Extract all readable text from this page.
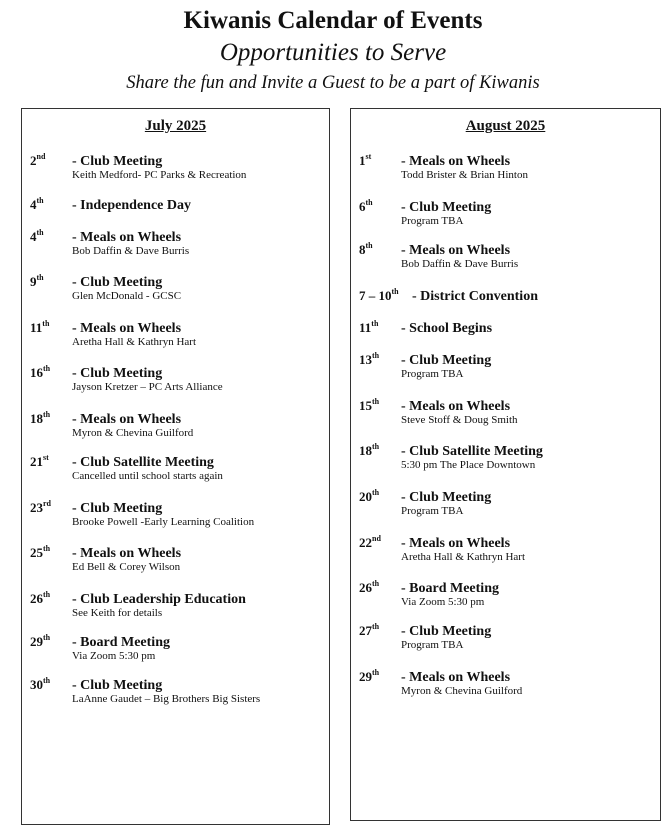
Kiwanis Calendar of Events
Opportunities to Serve
Share the fun and Invite a Guest to be a part of Kiwanis
July 2025
2nd - Club Meeting
Keith Medford- PC Parks & Recreation
4th - Independence Day
4th - Meals on Wheels
Bob Daffin & Dave Burris
9th - Club Meeting
Glen McDonald - GCSC
11th - Meals on Wheels
Aretha Hall & Kathryn Hart
16th - Club Meeting
Jayson Kretzer – PC Arts Alliance
18th - Meals on Wheels
Myron & Chevina Guilford
21st - Club Satellite Meeting
Cancelled until school starts again
23rd - Club Meeting
Brooke Powell -Early Learning Coalition
25th - Meals on Wheels
Ed Bell & Corey Wilson
26th - Club Leadership Education
See Keith for details
29th - Board Meeting
Via Zoom 5:30 pm
30th - Club Meeting
LaAnne Gaudet – Big Brothers Big Sisters
August 2025
1st - Meals on Wheels
Todd Brister & Brian Hinton
6th - Club Meeting
Program TBA
8th - Meals on Wheels
Bob Daffin & Dave Burris
7 – 10th - District Convention
11th - School Begins
13th - Club Meeting
Program TBA
15th - Meals on Wheels
Steve Stoff & Doug Smith
18th - Club Satellite Meeting
5:30 pm The Place Downtown
20th - Club Meeting
Program TBA
22nd - Meals on Wheels
Aretha Hall & Kathryn Hart
26th - Board Meeting
Via Zoom 5:30 pm
27th - Club Meeting
Program TBA
29th - Meals on Wheels
Myron & Chevina Guilford
